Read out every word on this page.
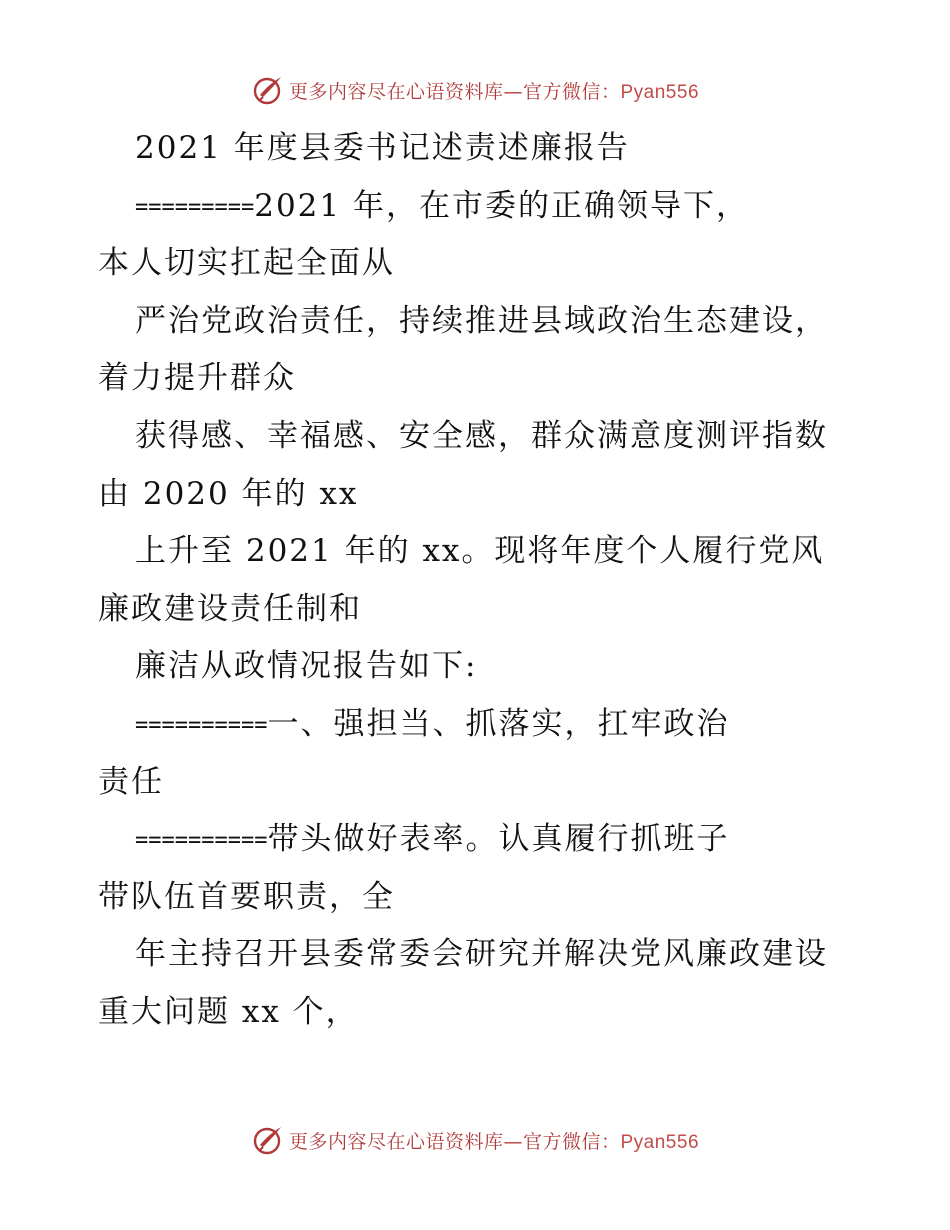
更多内容尽在心语资料库—官方微信：Pyan556
2021 年度县委书记述责述廉报告
=========2021 年，在市委的正确领导下，
本人切实扛起全面从
严治党政治责任，持续推进县域政治生态建设，
着力提升群众
获得感、幸福感、安全感，群众满意度测评指数
由 2020 年的 xx
上升至 2021 年的 xx。现将年度个人履行党风
廉政建设责任制和
廉洁从政情况报告如下:
==========一、强担当、抓落实，扛牢政治
责任
==========带头做好表率。认真履行抓班子
带队伍首要职责，全
年主持召开县委常委会研究并解决党风廉政建设
重大问题 xx 个，
更多内容尽在心语资料库—官方微信：Pyan556
